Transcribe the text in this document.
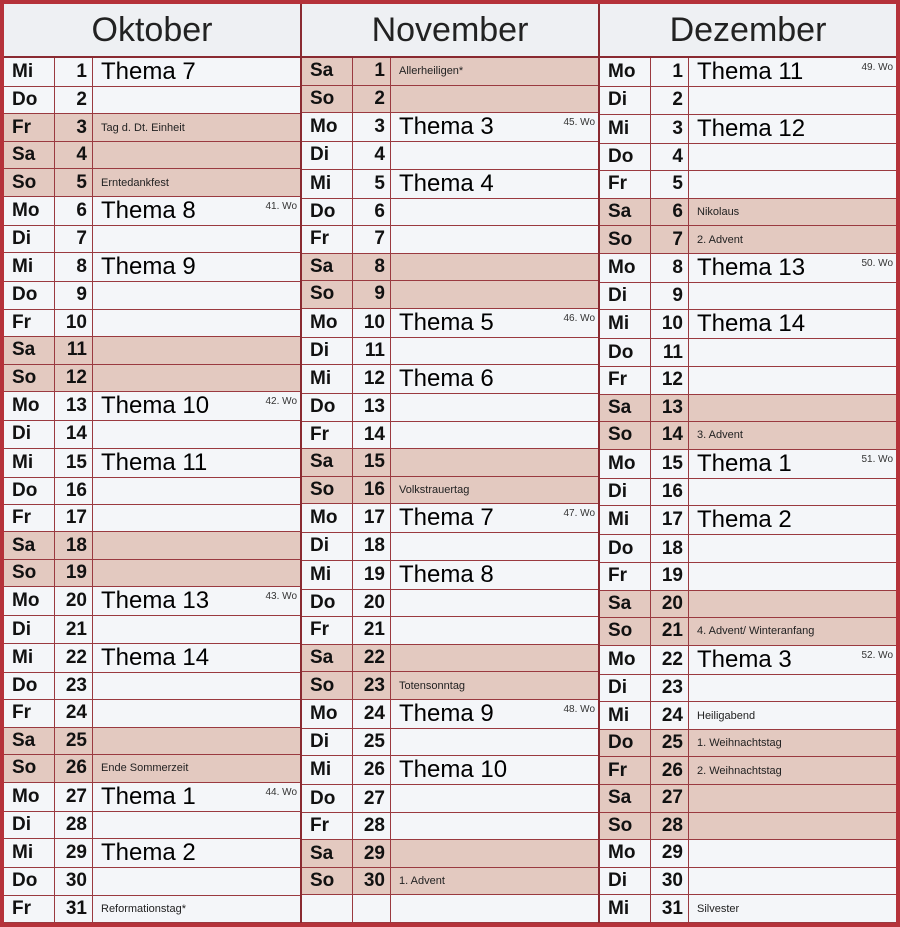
Oktober
Mi	1 Thema 7
Do	2
Fr	3	Tag d. Dt. Einheit
Sa	4
So	5	Erntedankfest
Mo	6 Thema 8	41. Wo
Di	7
Mi	8 Thema 9
Do	9
Fr	10
Sa	11
So	12
Mo	13 Thema 10	42. Wo
Di	14
Mi	15 Thema 11
Do	16
Fr	17
Sa	18
So	19
Mo	20 Thema 13	43. Wo
Di	21
Mi	22 Thema 14
Do	23
Fr	24
Sa	25
So	26	Ende Sommerzeit
Mo	27 Thema 1	44. Wo
Di	28
Mi	29 Thema 2
Do	30
Fr	31	Reformationstag*
November
Sa	1	Allerheiligen*
So	2
Mo	3 Thema 3	45. Wo
Di	4
Mi	5 Thema 4
Do	6
Fr	7
Sa	8
So	9
Mo	10 Thema 5	46. Wo
Di	11
Mi	12 Thema 6
Do	13
Fr	14
Sa	15
So	16	Volkstrauertag
Mo	17 Thema 7	47. Wo
Di	18
Mi	19 Thema 8
Do	20
Fr	21
Sa	22
So	23	Totensonntag
Mo	24 Thema 9	48. Wo
Di	25
Mi	26 Thema 10
Do	27
Fr	28
Sa	29
So	30	1. Advent
Dezember
Mo	1 Thema 11	49. Wo
Di	2
Mi	3 Thema 12
Do	4
Fr	5
Sa	6	Nikolaus
So	7	2. Advent
Mo	8 Thema 13	50. Wo
Di	9
Mi	10 Thema 14
Do	11
Fr	12
Sa	13
So	14	3. Advent
Mo	15 Thema 1	51. Wo
Di	16
Mi	17 Thema 2
Do	18
Fr	19
Sa	20
So	21	4. Advent/ Winteranfang
Mo	22 Thema 3	52. Wo
Di	23
Mi	24	Heiligabend
Do	25	1. Weihnachtstag
Fr	26	2. Weihnachtstag
Sa	27
So	28
Mo	29
Di	30
Mi	31	Silvester
